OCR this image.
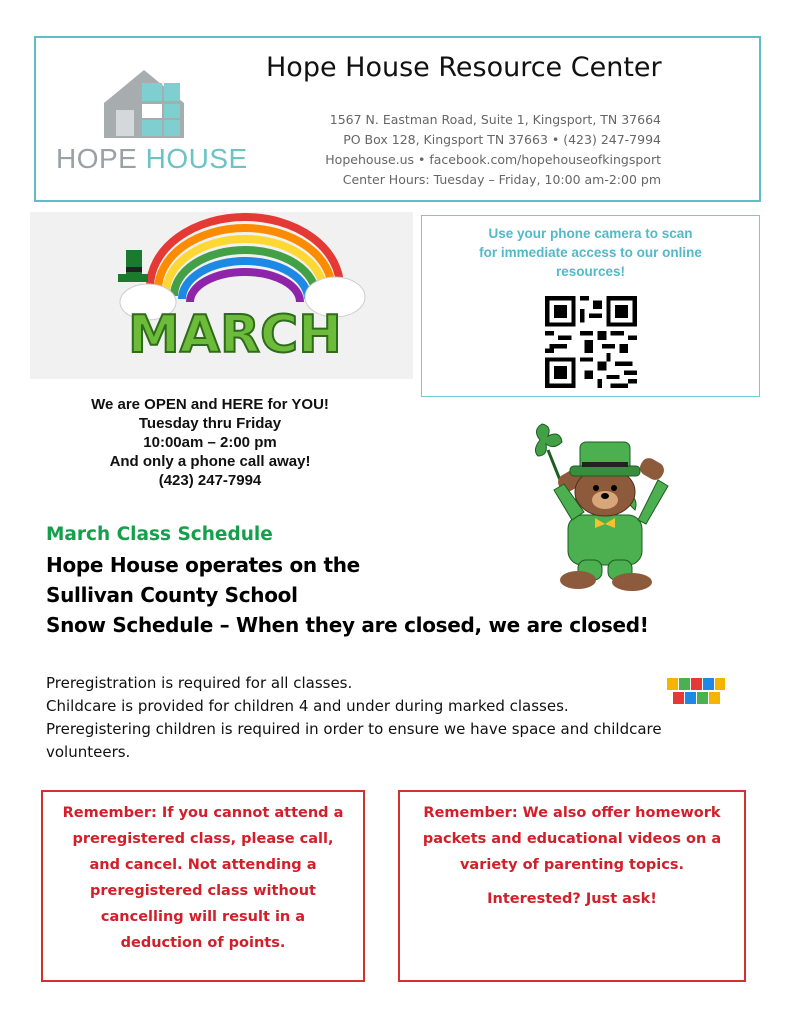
HOPE HOUSE
Hope House Resource Center
1567 N. Eastman Road, Suite 1, Kingsport, TN 37664
PO Box 128, Kingsport TN 37663 • (423) 247-7994
Hopehouse.us • facebook.com/hopehouseofkingsport
Center Hours: Tuesday – Friday, 10:00 am-2:00 pm
MARCH
Use your phone camera to scan
for immediate access to our online
resources!
We are OPEN and HERE for YOU!
Tuesday thru Friday
10:00am – 2:00 pm
And only a phone call away!
(423) 247-7994
March Class Schedule
Hope House operates on the
Sullivan County School
Snow Schedule – When they are closed, we are closed!
Preregistration is required for all classes.
Childcare is provided for children 4 and under during marked classes.
Preregistering children is required in order to ensure we have space and childcare volunteers.
Remember: If you cannot attend a
preregistered class, please call,
and cancel. Not attending a
preregistered class without
cancelling will result in a
deduction of points.
Remember: We also offer homework
packets and educational videos on a
variety of parenting topics.
Interested? Just ask!
